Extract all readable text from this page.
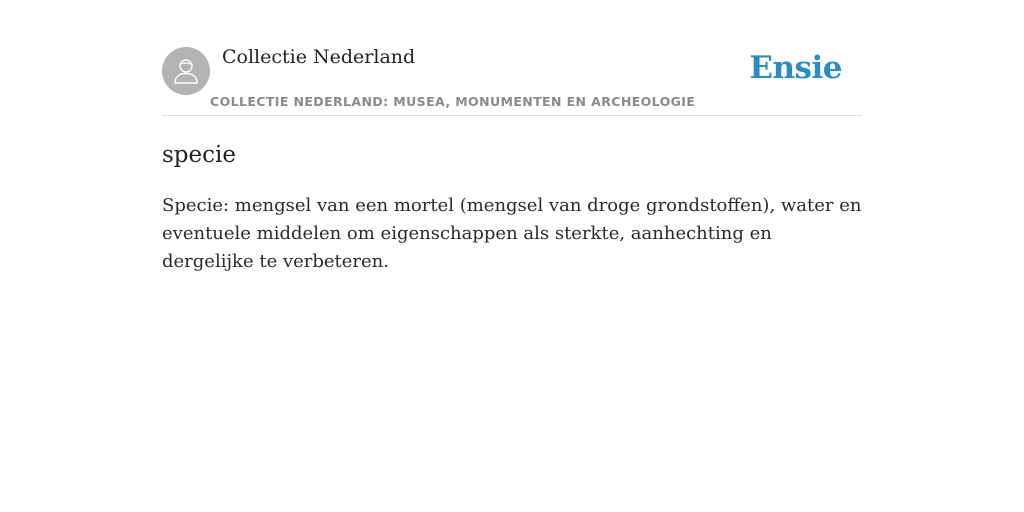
Collectie Nederland
COLLECTIE NEDERLAND: MUSEA, MONUMENTEN EN ARCHEOLOGIE
Ensie
specie

Specie: mengsel van een mortel (mengsel van droge grondstoffen), water en eventuele middelen om eigenschappen als sterkte, aanhechting en dergelijke te verbeteren.
